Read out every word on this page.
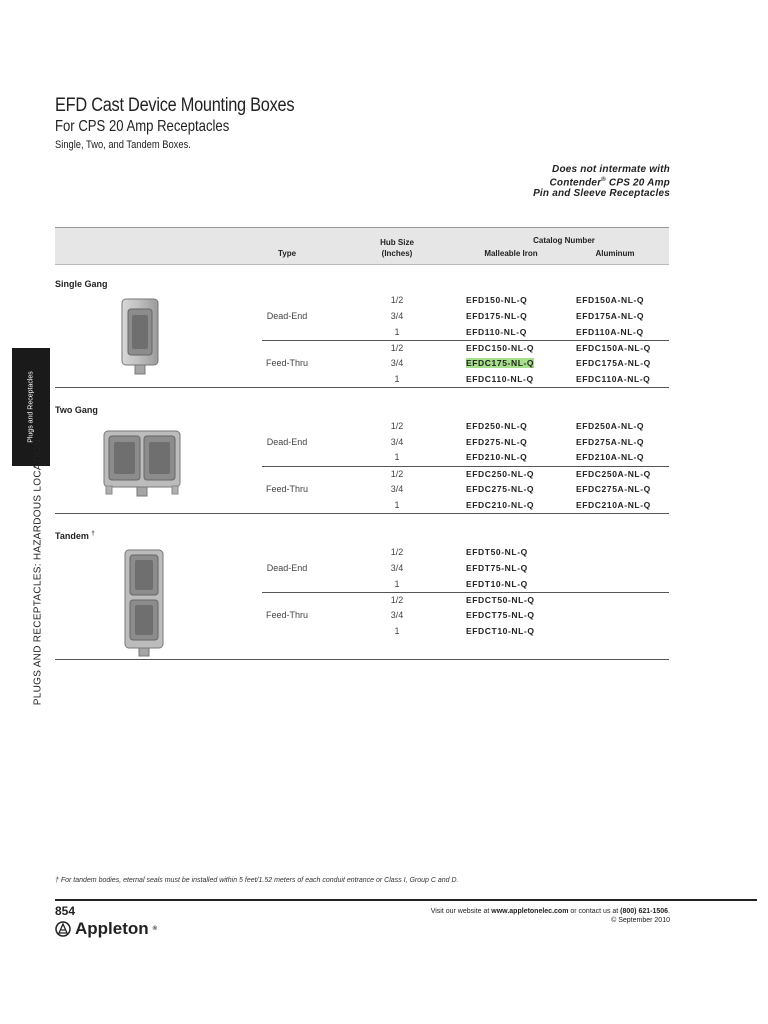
EFD Cast Device Mounting Boxes
For CPS 20 Amp Receptacles
Single, Two, and Tandem Boxes.
Does not intermate with
Contender® CPS 20 Amp
Pin and Sleeve Receptacles
Type
Hub Size
(Inches)
Catalog Number
Malleable Iron	Aluminum
Single Gang
Two Gang
Tandem †
Dead-End
1/2	EFD150-NL-Q	EFD150A-NL-Q
3/4	EFD175-NL-Q	EFD175A-NL-Q
1	EFD110-NL-Q	EFD110A-NL-Q
Feed-Thru
1/2	EFDC150-NL-Q	EFDC150A-NL-Q
3/4	EFDC175-NL-Q	EFDC175A-NL-Q
1	EFDC110-NL-Q	EFDC110A-NL-Q
Dead-End
1/2	EFD250-NL-Q	EFD250A-NL-Q
3/4	EFD275-NL-Q	EFD275A-NL-Q
1	EFD210-NL-Q	EFD210A-NL-Q
Feed-Thru
1/2	EFDC250-NL-Q	EFDC250A-NL-Q
3/4	EFDC275-NL-Q	EFDC275A-NL-Q
1	EFDC210-NL-Q	EFDC210A-NL-Q
Dead-End
1/2	EFDT50-NL-Q
3/4	EFDT75-NL-Q
1	EFDT10-NL-Q
Feed-Thru
1/2	EFDCT50-NL-Q
3/4	EFDCT75-NL-Q
1	EFDCT10-NL-Q
Plugs and Receptacles
PLUGS AND RECEPTACLES: HAZARDOUS LOCATION
† For tandem bodies, eternal seals must be installed within 5 feet/1.52 meters of each conduit entrance or Class I, Group C and D.
854
Appleton ®
Visit our website at www.appletonelec.com or contact us at (800) 621-1506.
© September 2010
